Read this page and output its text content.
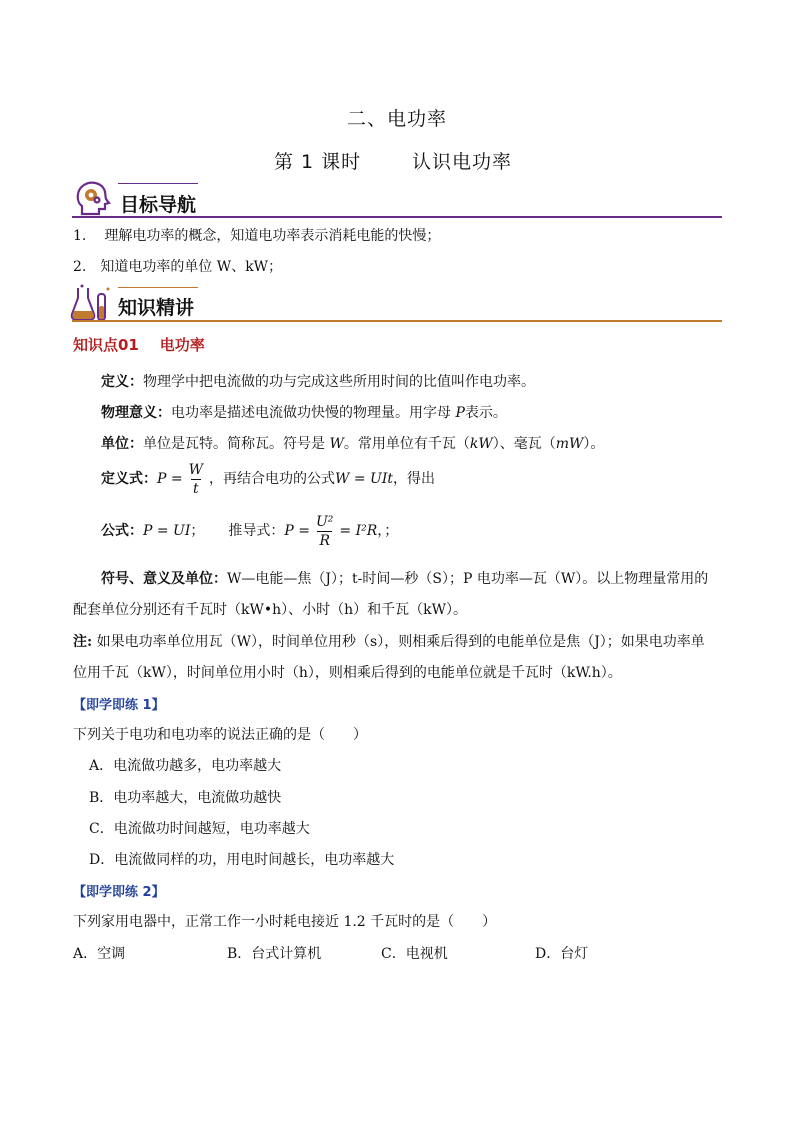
二、电功率
第 1 课时	认识电功率
目标导航
1. 理解电功率的概念，知道电功率表示消耗电能的快慢；
2. 知道电功率的单位 W、kW；
知识精讲
知识点01    电功率
定义：物理学中把电流做的功与完成这些所用时间的比值叫作电功率。
物理意义：电功率是描述电流做功快慢的物理量。用字母 P表示。
单位：单位是瓦特。简称瓦。符号是 W。常用单位有千瓦（kW）、毫瓦（mW）。
定义式： $P = \frac{W}{t}$ ，再结合电功的公式 W = UIt ，得出
公式： P = UI ； 推导式： $P = \frac{\text{U²}}{R} = I^2R$ ，；
符号、意义及单位：W—电能—焦（J）；t-时间—秒（S）；P 电功率—瓦（W）。以上物理量常用的
配套单位分别还有千瓦时（kW•h）、小时（h）和千瓦（kW）。
注: 如果电功率单位用瓦（W），时间单位用秒（s），则相乘后得到的电能单位是焦（J）；如果电功率单
位用千瓦（kW），时间单位用小时（h），则相乘后得到的电能单位就是千瓦时（kW.h）。
【即学即练 1】
下列关于电功和电功率的说法正确的是（　　）
A．电流做功越多，电功率越大
B．电功率越大，电流做功越快
C．电流做功时间越短，电功率越大
D．电流做同样的功，用电时间越长，电功率越大
【即学即练 2】
下列家用电器中，正常工作一小时耗电接近 1.2 千瓦时的是（　　）
A．空调	B．台式计算机	C．电视机	D．台灯
